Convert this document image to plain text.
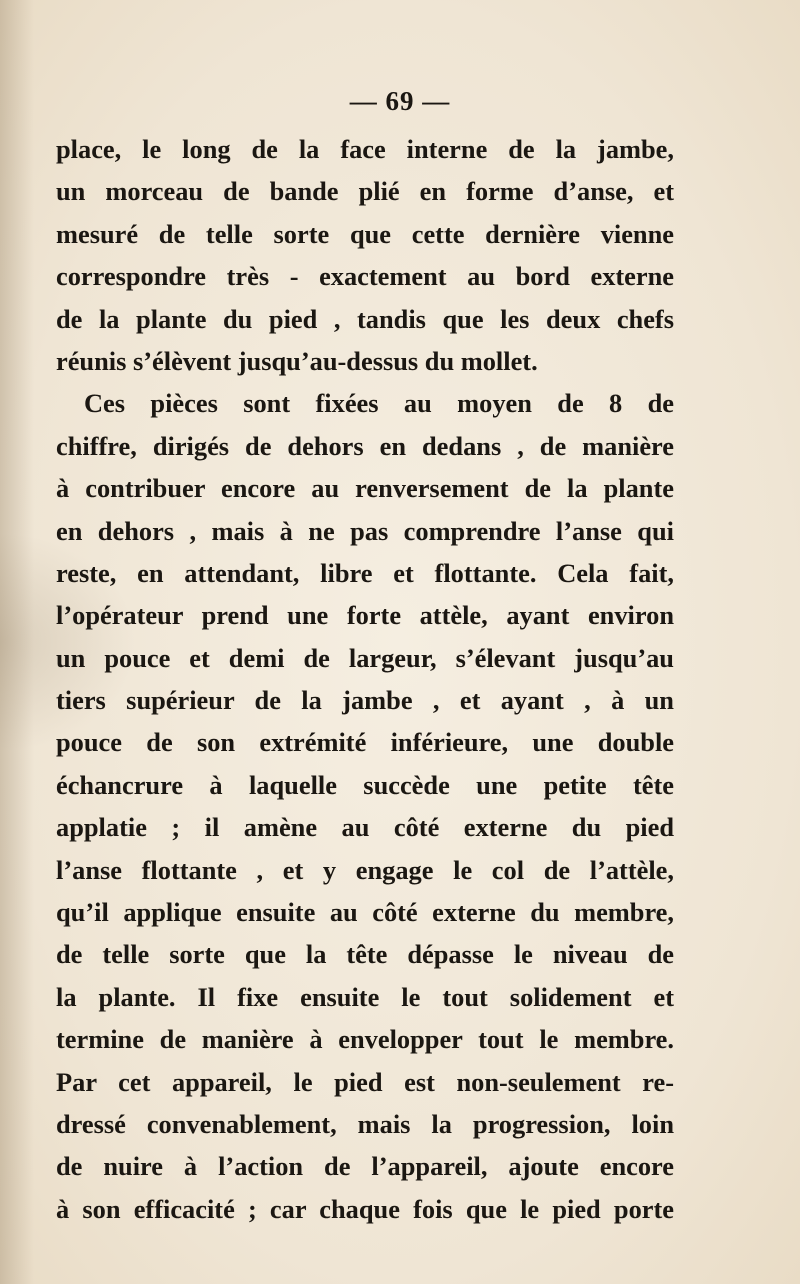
— 69 —
place, le long de la face interne de la jambe,
un morceau de bande plié en forme d’anse, et
mesuré de telle sorte que cette dernière vienne
correspondre très - exactement au bord externe
de la plante du pied , tandis que les deux chefs
réunis s’élèvent jusqu’au-dessus du mollet.
Ces pièces sont fixées au moyen de 8 de
chiffre, dirigés de dehors en dedans , de manière
à contribuer encore au renversement de la plante
en dehors , mais à ne pas comprendre l’anse qui
reste, en attendant, libre et flottante. Cela fait,
l’opérateur prend une forte attèle, ayant environ
un pouce et demi de largeur, s’élevant jusqu’au
tiers supérieur de la jambe , et ayant , à un
pouce de son extrémité inférieure, une double
échancrure à laquelle succède une petite tête
applatie ; il amène au côté externe du pied
l’anse flottante , et y engage le col de l’attèle,
qu’il applique ensuite au côté externe du membre,
de telle sorte que la tête dépasse le niveau de
la plante. Il fixe ensuite le tout solidement et
termine de manière à envelopper tout le membre.
Par cet appareil, le pied est non-seulement re-
dressé convenablement, mais la progression, loin
de nuire à l’action de l’appareil, ajoute encore
à son efficacité ; car chaque fois que le pied porte
